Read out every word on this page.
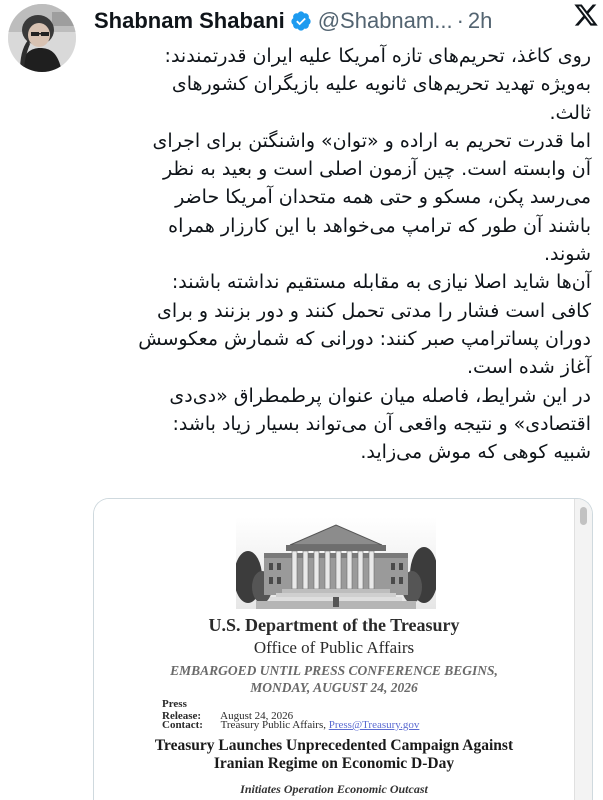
Shabnam Shabani @Shabnam... · 2h
روی کاغذ، تحریم‌های تازه آمریکا علیه ایران قدرتمندند:
به‌ویژه تهدید تحریم‌های ثانویه علیه بازیگران کشورهای
ثالث.
اما قدرت تحریم به اراده و «توان» واشنگتن برای اجرای
آن وابسته است. چین آزمون اصلی است و بعید به نظر
می‌رسد پکن، مسکو و حتی همه متحدان آمریکا حاضر
باشند آن طور که ترامپ می‌خواهد با این کارزار همراه
شوند.
آن‌ها شاید اصلا نیازی به مقابله مستقیم نداشته باشند:
کافی است فشار را مدتی تحمل کنند و دور بزنند و برای
دوران پساترامپ صبر کنند: دورانی که شمارش معکوسش
آغاز شده است.
در این شرایط، فاصله میان عنوان پرطمطراق «دی‌دی
اقتصادی» و نتیجه واقعی آن می‌تواند بسیار زیاد باشد:
شبیه کوهی که موش می‌زاید.
U.S. Department of the Treasury
Office of Public Affairs
EMBARGOED UNTIL PRESS CONFERENCE BEGINS,
MONDAY, AUGUST 24, 2026
Press Release: August 24, 2026
Contact: Treasury Public Affairs, Press@Treasury.gov
Treasury Launches Unprecedented Campaign Against
Iranian Regime on Economic D-Day
Initiates Operation Economic Outcast
